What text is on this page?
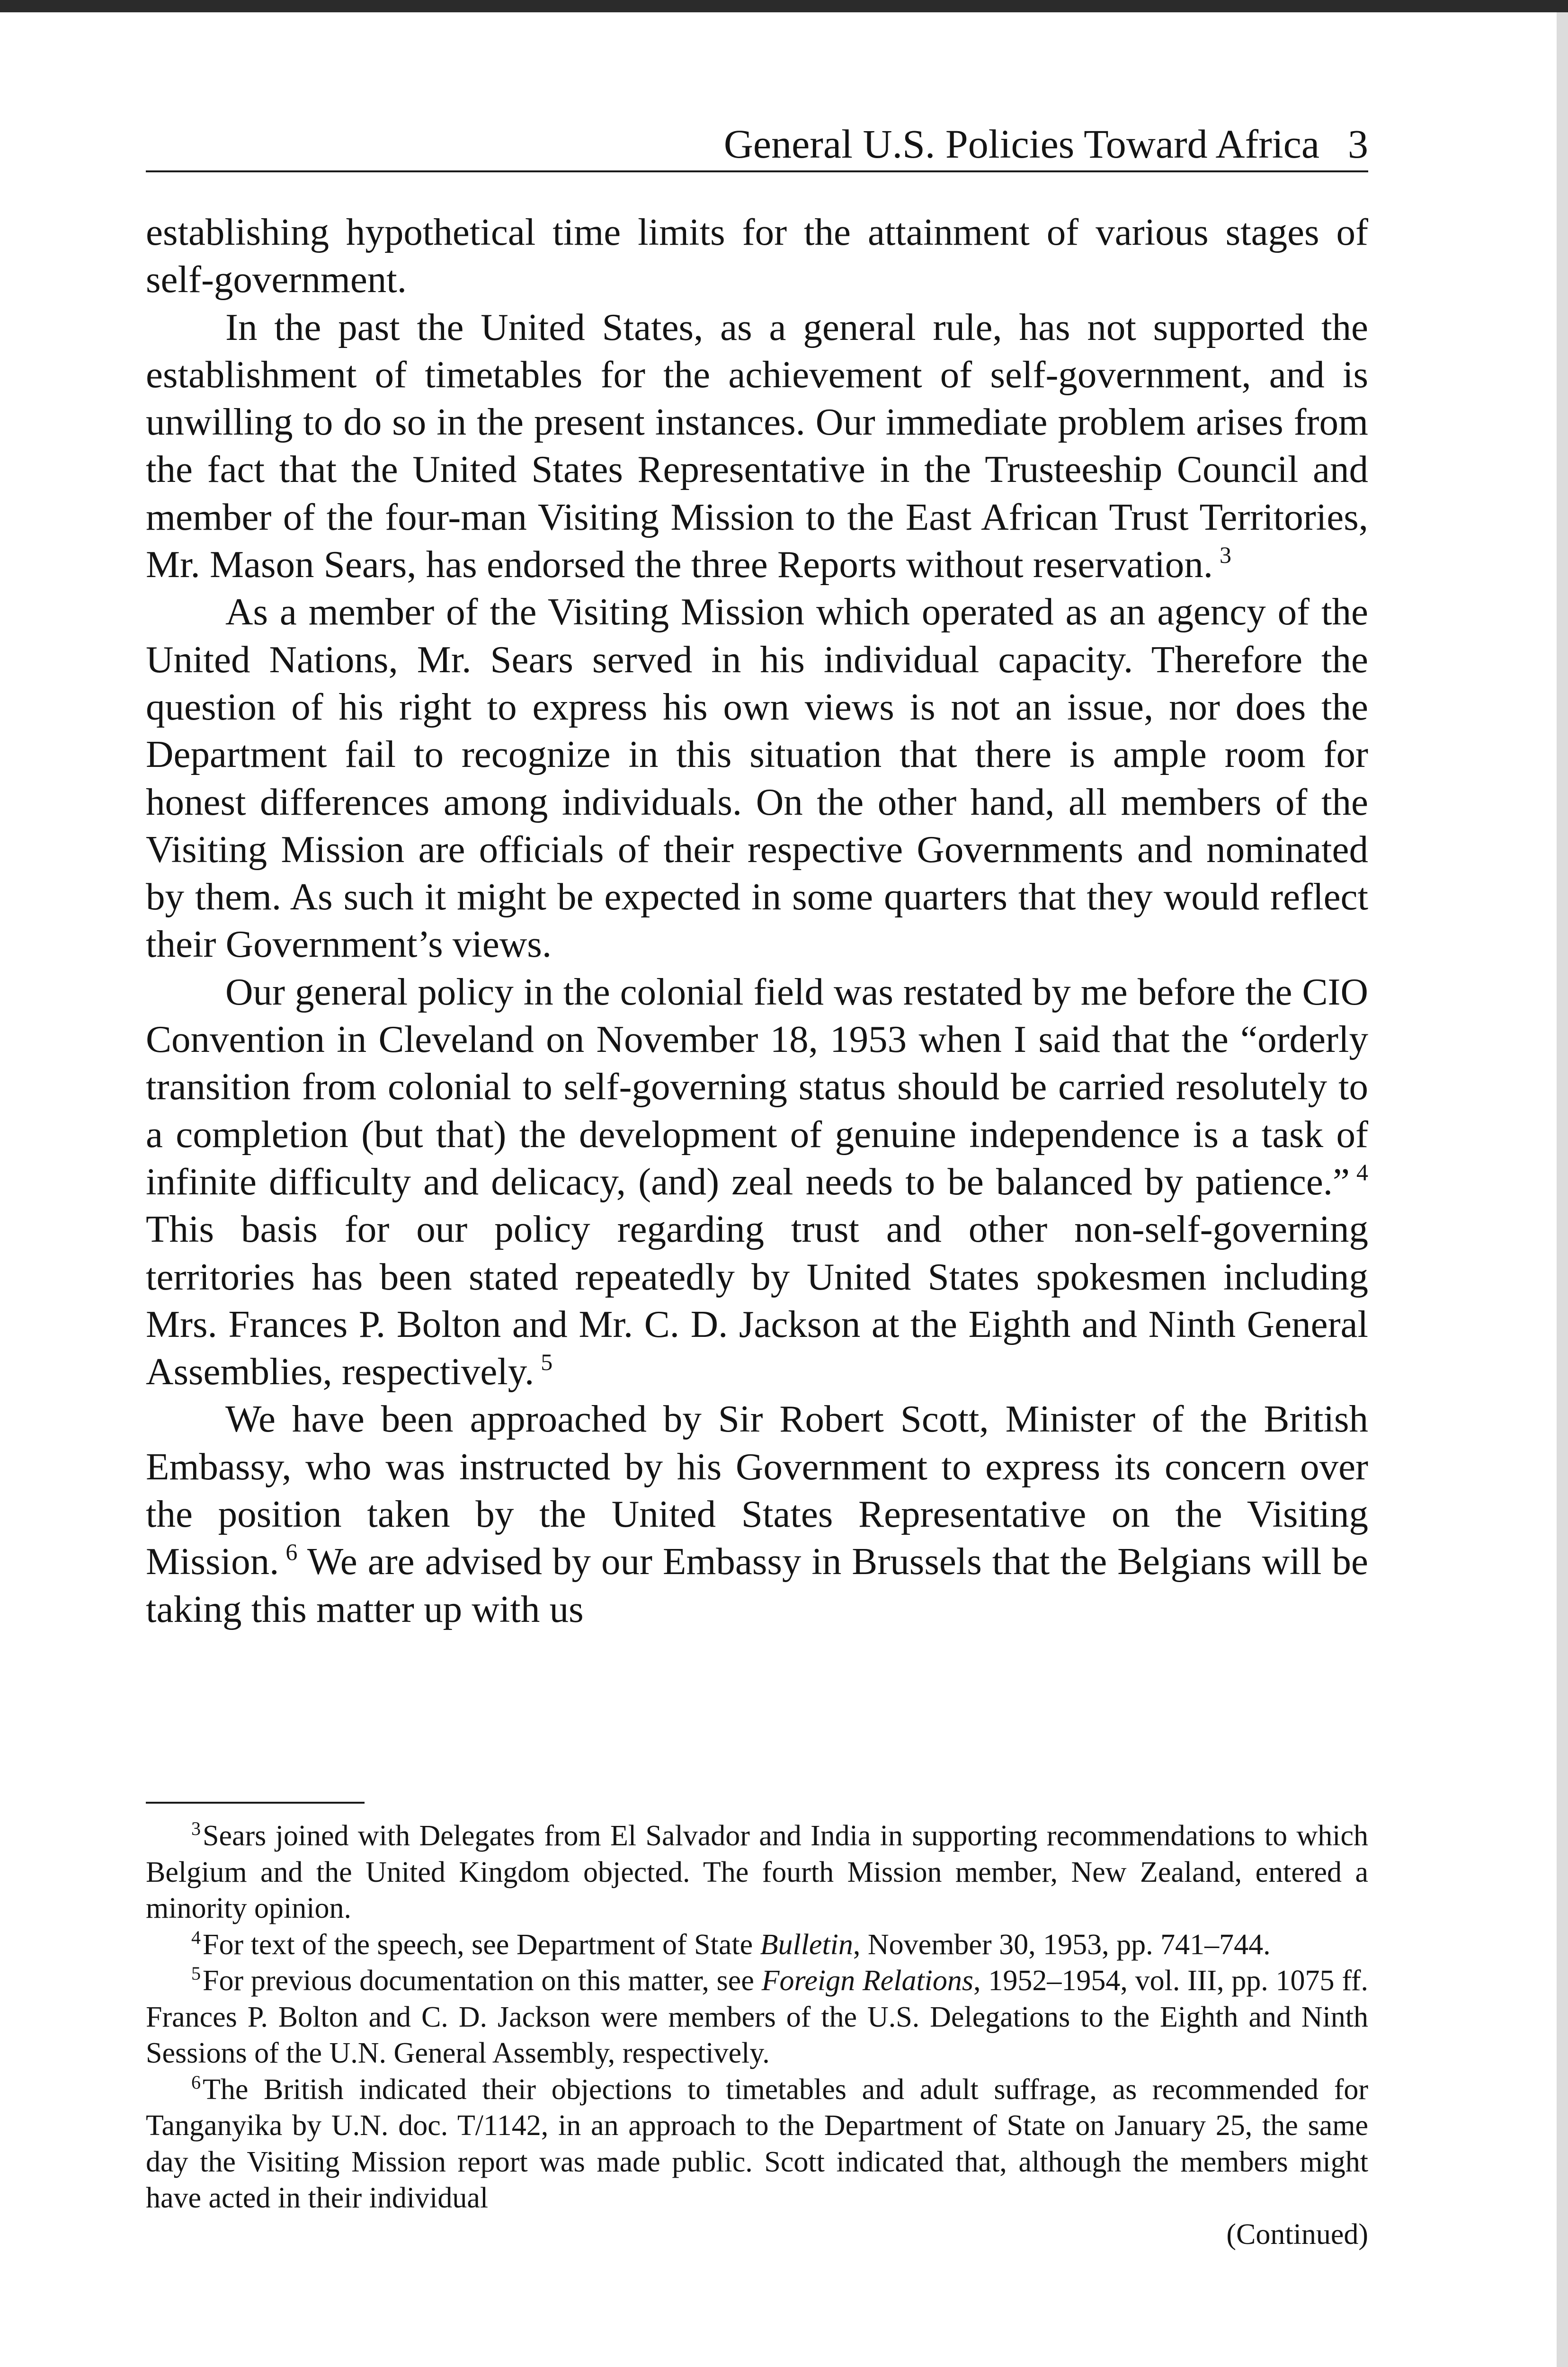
General U.S. Policies Toward Africa 3

establishing hypothetical time limits for the attainment of various stages of self-government.

In the past the United States, as a general rule, has not supported the establishment of timetables for the achievement of self-government, and is unwilling to do so in the present instances. Our immediate problem arises from the fact that the United States Representative in the Trusteeship Council and member of the four-man Visiting Mission to the East African Trust Territories, Mr. Mason Sears, has endorsed the three Reports without reservation. $^3$

As a member of the Visiting Mission which operated as an agency of the United Nations, Mr. Sears served in his individual capacity. Therefore the question of his right to express his own views is not an issue, nor does the Department fail to recognize in this situation that there is ample room for honest differences among individuals. On the other hand, all members of the Visiting Mission are officials of their respective Governments and nominated by them. As such it might be expected in some quarters that they would reflect their Government’s views.

Our general policy in the colonial field was restated by me before the CIO Convention in Cleveland on November 18, 1953 when I said that the “orderly transition from colonial to self-governing status should be carried resolutely to a completion (but that) the development of genuine independence is a task of infinite difficulty and delicacy, (and) zeal needs to be balanced by patience.” $^4$ This basis for our policy regarding trust and other non-self-governing territories has been stated repeatedly by United States spokesmen including Mrs. Frances P. Bolton and Mr. C. D. Jackson at the Eighth and Ninth General Assemblies, respectively. $^5$

We have been approached by Sir Robert Scott, Minister of the British Embassy, who was instructed by his Government to express its concern over the position taken by the United States Representative on the Visiting Mission. $^6$ We are advised by our Embassy in Brussels that the Belgians will be taking this matter up with us

$^3$Sears joined with Delegates from El Salvador and India in supporting recommendations to which Belgium and the United Kingdom objected. The fourth Mission member, New Zealand, entered a minority opinion.

$^4$For text of the speech, see Department of State Bulletin, November 30, 1953, pp. 741–744.

$^5$For previous documentation on this matter, see Foreign Relations, 1952–1954, vol. III, pp. 1075 ff. Frances P. Bolton and C. D. Jackson were members of the U.S. Delegations to the Eighth and Ninth Sessions of the U.N. General Assembly, respectively.

$^6$The British indicated their objections to timetables and adult suffrage, as recommended for Tanganyika by U.N. doc. T/1142, in an approach to the Department of State on January 25, the same day the Visiting Mission report was made public. Scott indicated that, although the members might have acted in their individual

(Continued)
